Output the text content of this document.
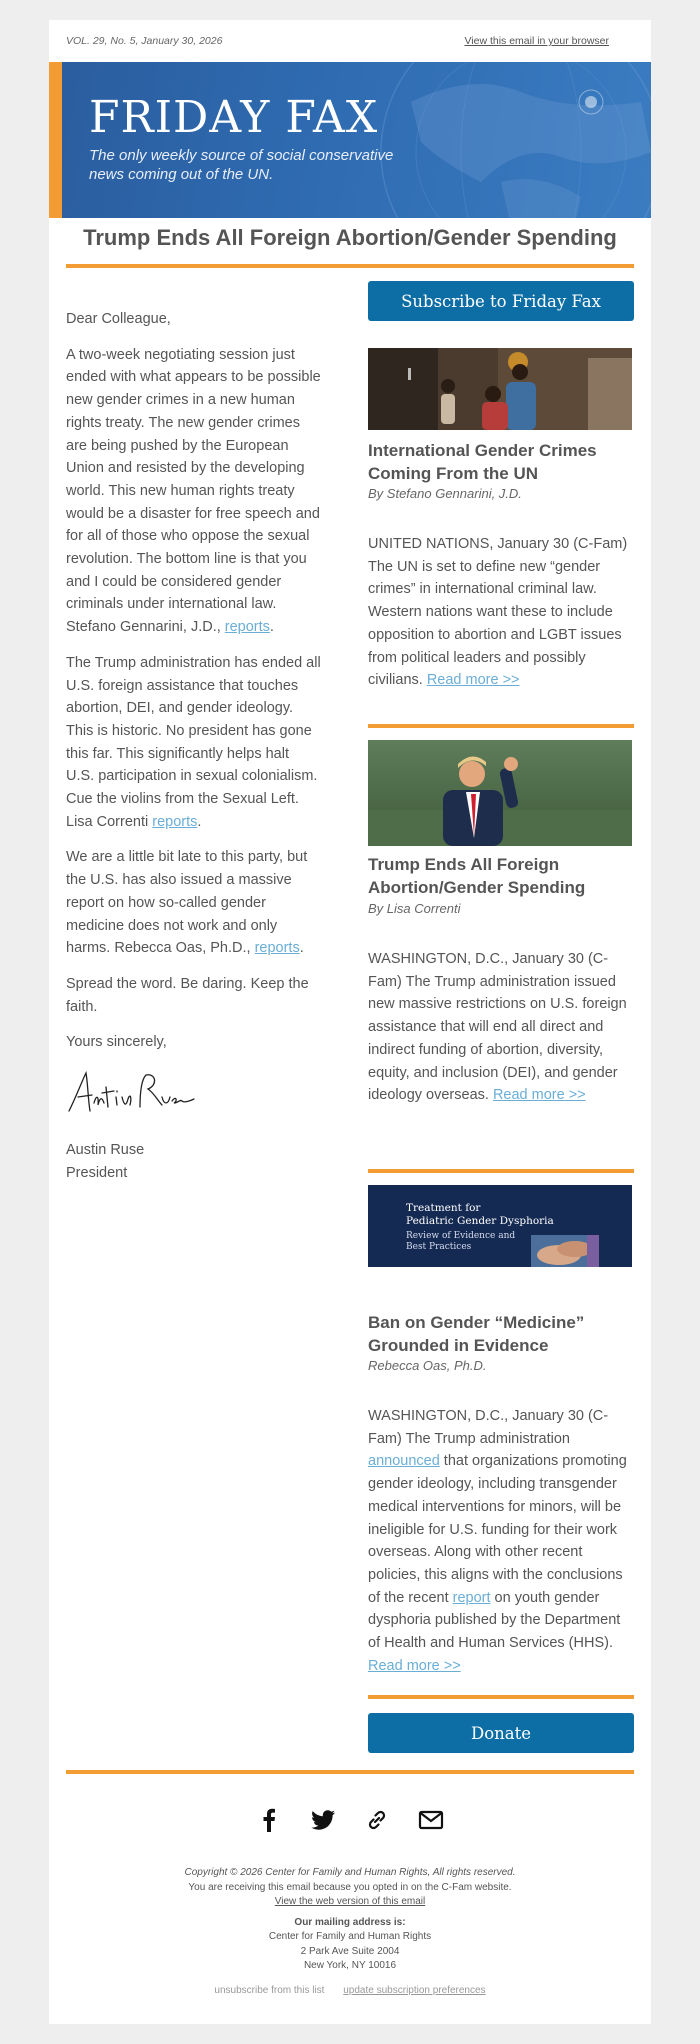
VOL. 29, No. 5, January 30, 2026	View this email in your browser
FRIDAY FAX
The only weekly source of social conservative news coming out of the UN.
Trump Ends All Foreign Abortion/Gender Spending

Dear Colleague,

A two-week negotiating session just ended with what appears to be possible new gender crimes in a new human rights treaty. The new gender crimes are being pushed by the European Union and resisted by the developing world. This new human rights treaty would be a disaster for free speech and for all of those who oppose the sexual revolution. The bottom line is that you and I could be considered gender criminals under international law. Stefano Gennarini, J.D., reports.

The Trump administration has ended all U.S. foreign assistance that touches abortion, DEI, and gender ideology. This is historic. No president has gone this far. This significantly helps halt U.S. participation in sexual colonialism. Cue the violins from the Sexual Left. Lisa Correnti reports.

We are a little bit late to this party, but the U.S. has also issued a massive report on how so-called gender medicine does not work and only harms. Rebecca Oas, Ph.D., reports.

Spread the word. Be daring. Keep the faith.

Yours sincerely,

Austin Ruse
President

Subscribe to Friday Fax
International Gender Crimes Coming From the UN
By Stefano Gennarini, J.D.
UNITED NATIONS, January 30 (C-Fam) The UN is set to define new “gender crimes” in international criminal law. Western nations want these to include opposition to abortion and LGBT issues from political leaders and possibly civilians. Read more >>
Trump Ends All Foreign Abortion/Gender Spending
By Lisa Correnti
WASHINGTON, D.C., January 30 (C-Fam) The Trump administration issued new massive restrictions on U.S. foreign assistance that will end all direct and indirect funding of abortion, diversity, equity, and inclusion (DEI), and gender ideology overseas. Read more >>
Treatment for
Pediatric Gender Dysphoria
Review of Evidence and
Best Practices
Ban on Gender “Medicine” Grounded in Evidence
Rebecca Oas, Ph.D.
WASHINGTON, D.C., January 30 (C-Fam) The Trump administration announced that organizations promoting gender ideology, including transgender medical interventions for minors, will be ineligible for U.S. funding for their work overseas. Along with other recent policies, this aligns with the conclusions of the recent report on youth gender dysphoria published by the Department of Health and Human Services (HHS). Read more >>
Donate
Copyright © 2026 Center for Family and Human Rights, All rights reserved.
You are receiving this email because you opted in on the C-Fam website.
View the web version of this email
Our mailing address is:
Center for Family and Human Rights
2 Park Ave Suite 2004
New York, NY 10016
unsubscribe from this list update subscription preferences
